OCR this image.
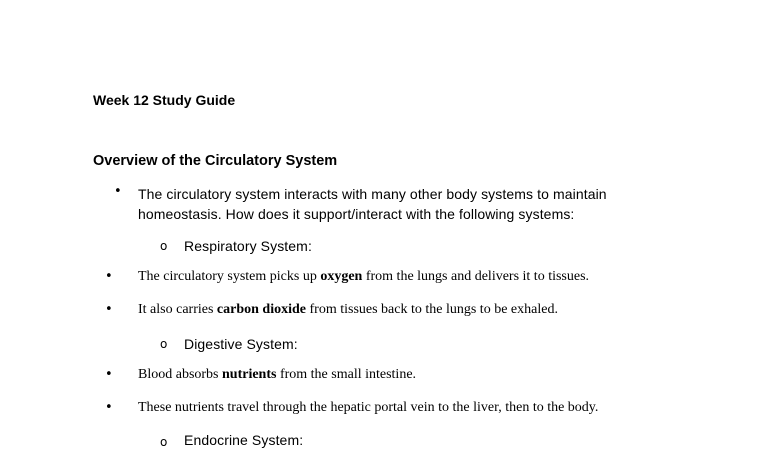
Week 12 Study Guide
Overview of the Circulatory System
• The circulatory system interacts with many other body systems to maintain
homeostasis. How does it support/interact with the following systems:
o Respiratory System:
• The circulatory system picks up oxygen from the lungs and delivers it to tissues.
• It also carries carbon dioxide from tissues back to the lungs to be exhaled.
o Digestive System:
• Blood absorbs nutrients from the small intestine.
• These nutrients travel through the hepatic portal vein to the liver, then to the body.
o Endocrine System:
